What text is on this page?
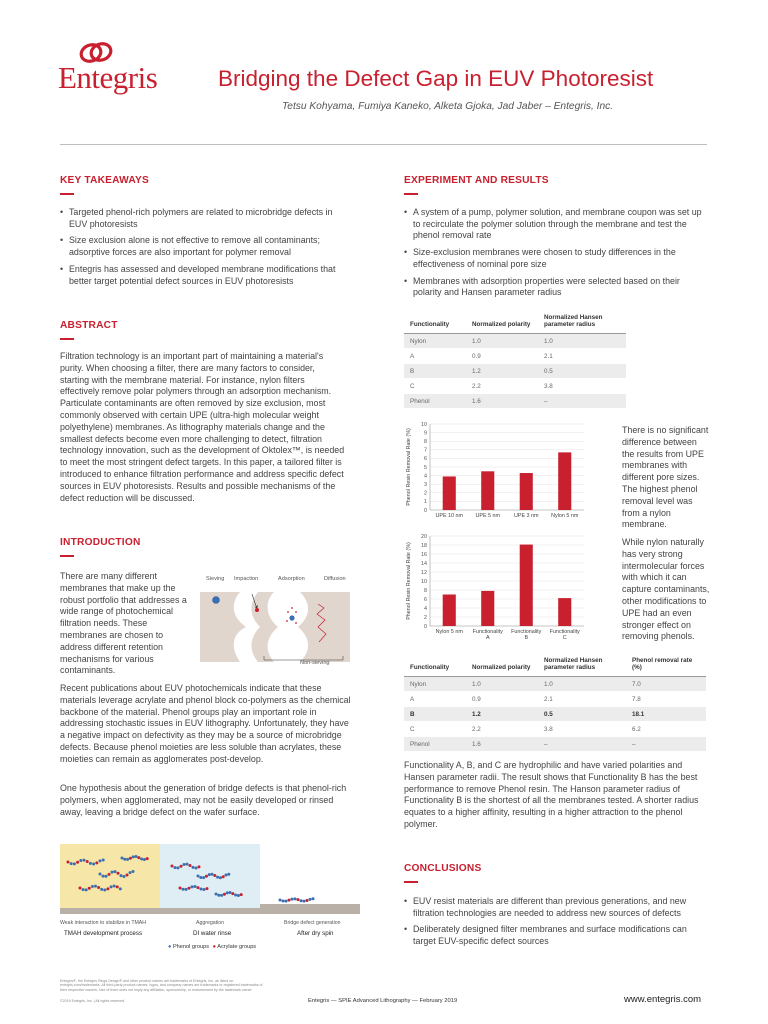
Entegris	Bridging the Defect Gap in EUV Photoresist
Tetsu Kohyama, Fumiya Kaneko, Alketa Gjoka, Jad Jaber – Entegris, Inc.
KEY TAKEAWAYS
• Targeted phenol-rich polymers are related to microbridge defects in EUV photoresists
• Size exclusion alone is not effective to remove all contaminants; adsorptive forces are also important for polymer removal
• Entegris has assessed and developed membrane modifications that better target potential defect sources in EUV photoresists
ABSTRACT

Filtration technology is an important part of maintaining a material's purity. When choosing a filter, there are many factors to consider, starting with the membrane material. For instance, nylon filters effectively remove polar polymers through an adsorption mechanism. Particulate contaminants are often removed by size exclusion, most commonly observed with certain UPE (ultra-high molecular weight polyethylene) membranes. As lithography materials change and the smallest defects become even more challenging to detect, filtration technology innovation, such as the development of Oktolex™, is needed to meet the most stringent defect targets. In this paper, a tailored filter is introduced to enhance filtration performance and address specific defect sources in EUV photoresists. Results and possible mechanisms of the defect reduction will be discussed.

INTRODUCTION

There are many different membranes that make up the robust portfolio that addresses a wide range of photochemical filtration needs. These membranes are chosen to address different retention mechanisms for various contaminants.

Sieving Impaction	Adsorption	Diffusion
Non-sieving

Recent publications about EUV photochemicals indicate that these materials leverage acrylate and phenol block co-polymers as the chemical backbone of the material. Phenol groups play an important role in addressing stochastic issues in EUV lithography. Unfortunately, they have a negative impact on defectivity as they may be a source of microbridge defects. Because phenol moieties are less soluble than acrylates, these moieties can remain as agglomerates post-develop.

One hypothesis about the generation of bridge defects is that phenol-rich polymers, when agglomerated, may not be easily developed or rinsed away, leaving a bridge defect on the wafer surface.

Weak interaction to stabilize in TMAH	Aggregation	Bridge defect generation
TMAH development process	DI water rinse	After dry spin
● Phenol groups ● Acrylate groups
EXPERIMENT AND RESULTS
• A system of a pump, polymer solution, and membrane coupon was set up to recirculate the polymer solution through the membrane and test the phenol removal rate
• Size-exclusion membranes were chosen to study differences in the effectiveness of nominal pore size
• Membranes with adsorption properties were selected based on their polarity and Hansen parameter radius
Functionality	Normalized polarity	Normalized Hansen parameter radius
Nylon	1.0	1.0
A	0.9	2.1
B	1.2	0.5
C	2.2	3.8
Phenol	1.6	–
Phenol Resin Removal Rate (%)
0
1
2
3
4
5
6
7
8
9
10
UPE 10 nm UPE 5 nm	UPE 3 nm Nylon 5 nm

There is no significant difference between the results from UPE membranes with different pore sizes. The highest phenol removal level was from a nylon membrane.

Phenol Resin Removal Rate (%)
0
2
4
6
8
10
12
14
16
18
20
Nylon 5 nm Functionality
A
Functionality
B
Functionality
C

While nylon naturally has very strong intermolecular forces with which it can capture contaminants, other modifications to UPE had an even stronger effect on removing phenols.

Functionality	Normalized polarity	Normalized Hansen parameter radius	Phenol removal rate (%)
Nylon	1.0	1.0	7.0
A	0.9	2.1	7.8
B	1.2	0.5	18.1
C	2.2	3.8	6.2
Phenol	1.6	–	–

Functionality A, B, and C are hydrophilic and have varied polarities and Hansen parameter radii. The result shows that Functionality B has the best performance to remove Phenol resin. The Hanson parameter radius of Functionality B is the shortest of all the membranes tested. A shorter radius equates to a higher affinity, resulting in a higher attraction to the phenol polymer.

CONCLUSIONS
• EUV resist materials are different than previous generations, and new filtration technologies are needed to address new sources of defects
• Deliberately designed filter membranes and surface modifications can target EUV-specific defect sources
Entegris®, the Entegris Rings Design® and other product names are trademarks of Entegris, Inc. as listed on entegris.com/trademarks. All third-party product names, logos, and company names are trademarks or registered trademarks of their respective owners. Use of them does not imply any affiliation, sponsorship, or endorsement by the trademark owner.
©2019 Entegris, Inc. | All rights reserved.	Entegris — SPIE Advanced Lithography — February 2019	www.entegris.com
